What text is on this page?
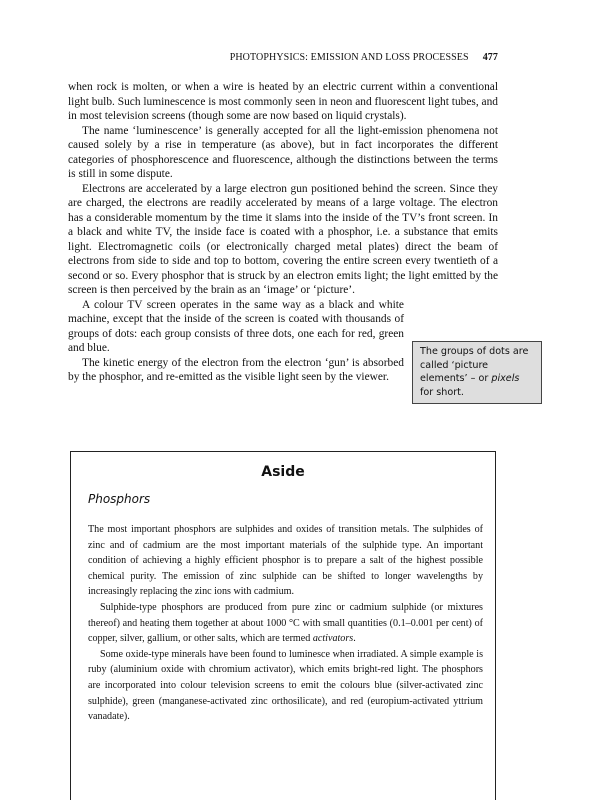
PHOTOPHYSICS: EMISSION AND LOSS PROCESSES 477

when rock is molten, or when a wire is heated by an electric current within a conventional light bulb. Such luminescence is most commonly seen in neon and fluorescent light tubes, and in most television screens (though some are now based on liquid crystals).

The name ‘luminescence’ is generally accepted for all the light-emission phenomena not caused solely by a rise in temperature (as above), but in fact incorporates the different categories of phosphorescence and fluorescence, although the distinctions between the terms is still in some dispute.

Electrons are accelerated by a large electron gun positioned behind the screen. Since they are charged, the electrons are readily accelerated by means of a large voltage. The electron has a considerable momentum by the time it slams into the inside of the TV’s front screen. In a black and white TV, the inside face is coated with a phosphor, i.e. a substance that emits light. Electromagnetic coils (or electronically charged metal plates) direct the beam of electrons from side to side and top to bottom, covering the entire screen every twentieth of a second or so. Every phosphor that is struck by an electron emits light; the light emitted by the screen is then perceived by the brain as an ‘image’ or ‘picture’.

A colour TV screen operates in the same way as a black and white machine, except that the inside of the screen is coated with thousands of groups of dots: each group consists of three dots, one each for red, green and blue.

The kinetic energy of the electron from the electron ‘gun’ is absorbed by the phosphor, and re-emitted as the visible light seen by the viewer.

The groups of dots are called ‘picture elements’ – or pixels for short.
Aside
Phosphors

The most important phosphors are sulphides and oxides of transition metals. The sulphides of zinc and of cadmium are the most important materials of the sulphide type. An important condition of achieving a highly efficient phosphor is to prepare a salt of the highest possible chemical purity. The emission of zinc sulphide can be shifted to longer wavelengths by increasingly replacing the zinc ions with cadmium.

Sulphide-type phosphors are produced from pure zinc or cadmium sulphide (or mixtures thereof) and heating them together at about 1000 °C with small quantities (0.1–0.001 per cent) of copper, silver, gallium, or other salts, which are termed activators.

Some oxide-type minerals have been found to luminesce when irradiated. A simple example is ruby (aluminium oxide with chromium activator), which emits bright-red light. The phosphors are incorporated into colour television screens to emit the colours blue (silver-activated zinc sulphide), green (manganese-activated zinc orthosilicate), and red (europium-activated yttrium vanadate).
